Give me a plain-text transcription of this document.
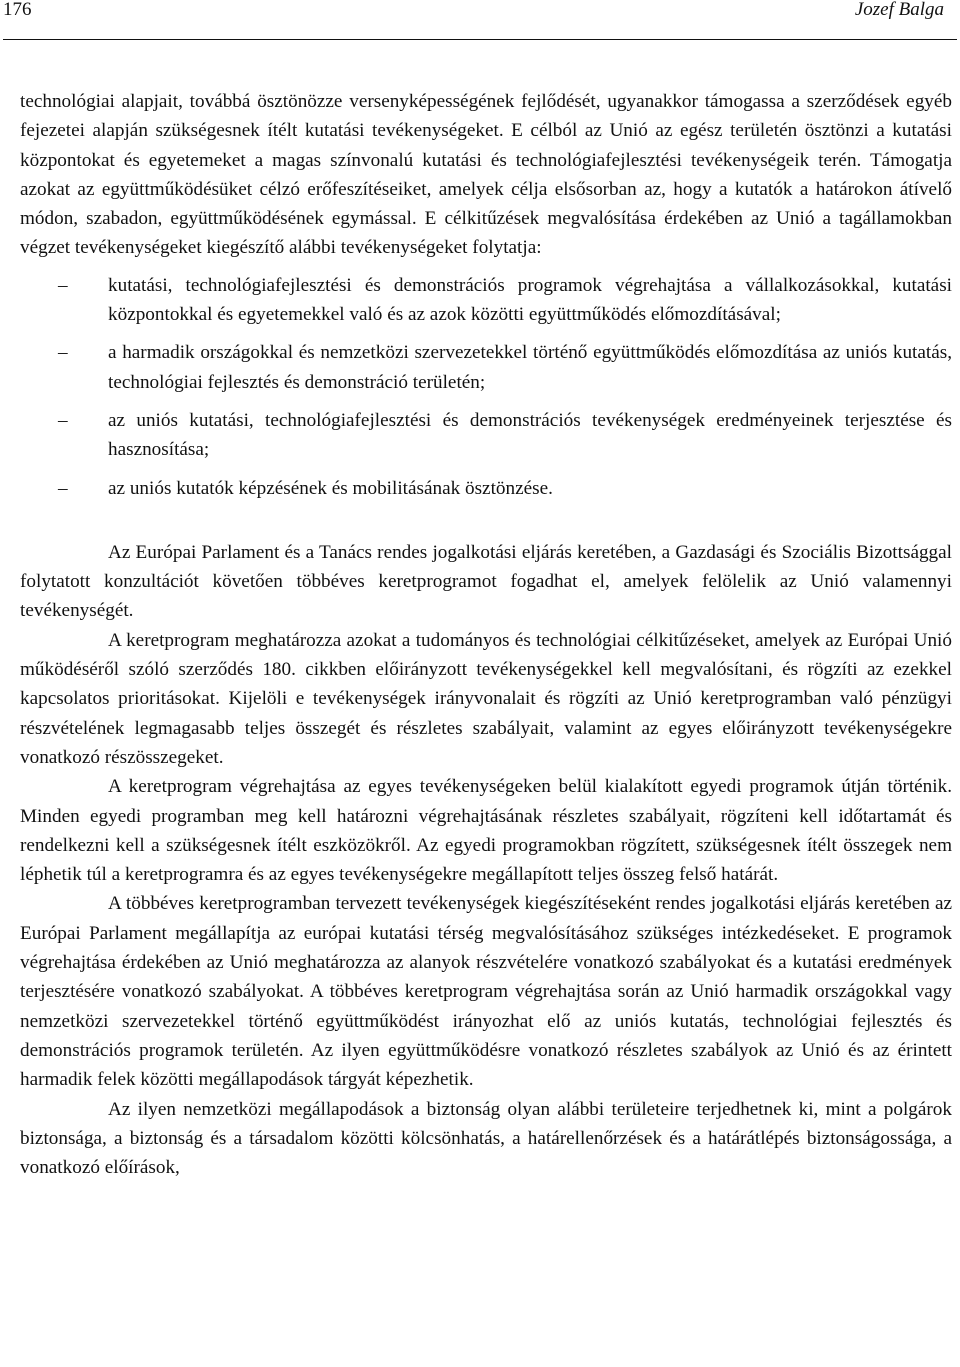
176	Jozef Balga

technológiai alapjait, továbbá ösztönözze versenyképességének fejlődését, ugyanakkor támogassa a szerződések egyéb fejezetei alapján szükségesnek ítélt kutatási tevékenységeket. E célból az Unió az egész területén ösztönzi a kutatási központokat és egyetemeket a magas színvonalú kutatási és technológiafejlesztési tevékenységeik terén. Támogatja azokat az együttműködésüket célzó erőfeszítéseiket, amelyek célja elsősorban az, hogy a kutatók a határokon átívelő módon, szabadon, együttműködésének egymással. E célkitűzések megvalósítása érdekében az Unió a tagállamokban végzet tevékenységeket kiegészítő alábbi tevékenységeket folytatja:

– kutatási, technológiafejlesztési és demonstrációs programok végrehajtása a vállalkozásokkal, kutatási központokkal és egyetemekkel való és az azok közötti együttműködés előmozdításával;
– a harmadik országokkal és nemzetközi szervezetekkel történő együttműködés előmozdítása az uniós kutatás, technológiai fejlesztés és demonstráció területén;
– az uniós kutatási, technológiafejlesztési és demonstrációs tevékenységek eredményeinek terjesztése és hasznosítása;
– az uniós kutatók képzésének és mobilitásának ösztönzése.

Az Európai Parlament és a Tanács rendes jogalkotási eljárás keretében, a Gazdasági és Szociális Bizottsággal folytatott konzultációt követően többéves keretprogramot fogadhat el, amelyek felölelik az Unió valamennyi tevékenységét.

A keretprogram meghatározza azokat a tudományos és technológiai célkitűzéseket, amelyek az Európai Unió működéséről szóló szerződés 180. cikkben előirányzott tevékenységekkel kell megvalósítani, és rögzíti az ezekkel kapcsolatos prioritásokat. Kijelöli e tevékenységek irányvonalait és rögzíti az Unió keretprogramban való pénzügyi részvételének legmagasabb teljes összegét és részletes szabályait, valamint az egyes előirányzott tevékenységekre vonatkozó részösszegeket.

A keretprogram végrehajtása az egyes tevékenységeken belül kialakított egyedi programok útján történik. Minden egyedi programban meg kell határozni végrehajtásának részletes szabályait, rögzíteni kell időtartamát és rendelkezni kell a szükségesnek ítélt eszközökről. Az egyedi programokban rögzített, szükségesnek ítélt összegek nem léphetik túl a keretprogramra és az egyes tevékenységekre megállapított teljes összeg felső határát.

A többéves keretprogramban tervezett tevékenységek kiegészítéseként rendes jogalkotási eljárás keretében az Európai Parlament megállapítja az európai kutatási térség megvalósításához szükséges intézkedéseket. E programok végrehajtása érdekében az Unió meghatározza az alanyok részvételére vonatkozó szabályokat és a kutatási eredmények terjesztésére vonatkozó szabályokat. A többéves keretprogram végrehajtása során az Unió harmadik országokkal vagy nemzetközi szervezetekkel történő együttműködést irányozhat elő az uniós kutatás, technológiai fejlesztés és demonstrációs programok területén. Az ilyen együttműködésre vonatkozó részletes szabályok az Unió és az érintett harmadik felek közötti megállapodások tárgyát képezhetik.

Az ilyen nemzetközi megállapodások a biztonság olyan alábbi területeire terjedhetnek ki, mint a polgárok biztonsága, a biztonság és a társadalom közötti kölcsönhatás, a határellenőrzések és a határátlépés biztonságossága, a vonatkozó előírások,
